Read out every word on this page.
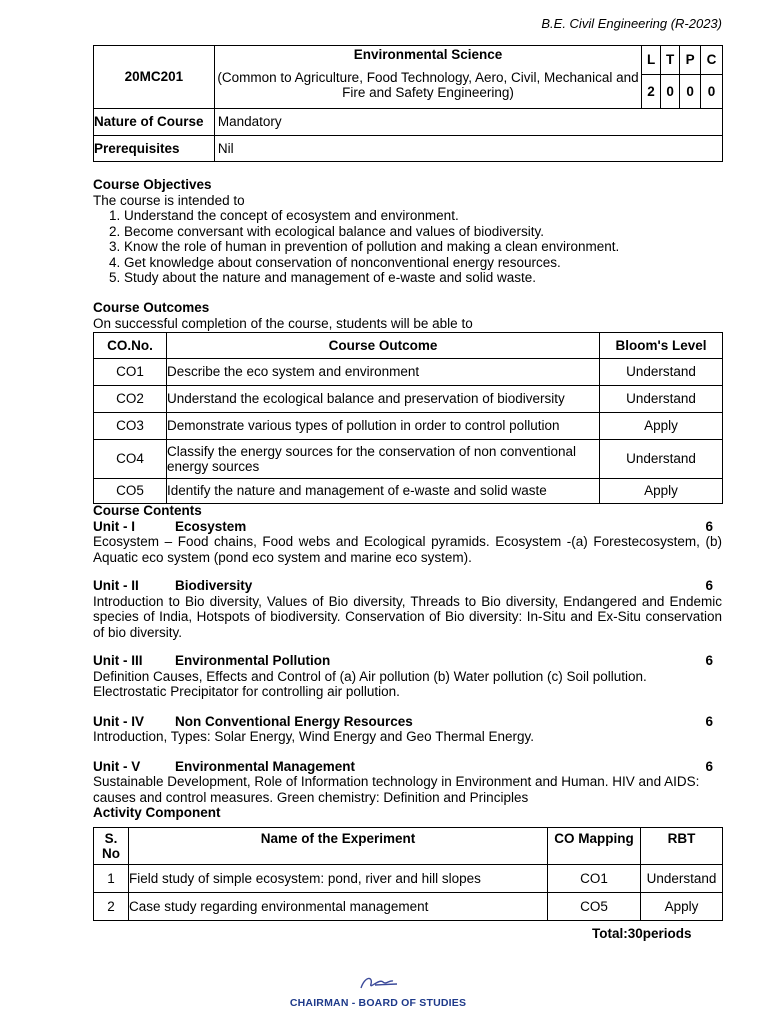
B.E. Civil Engineering (R-2023)
20MC201	
Environmental Science
(Common to Agriculture, Food Technology, Aero, Civil, Mechanical and Fire and Safety Engineering)

L	T	P	C
2	0	0	0

Nature of Course	Mandatory
Prerequisites	Nil
Course Objectives
The course is intended to
1. Understand the concept of ecosystem and environment.
2. Become conversant with ecological balance and values of biodiversity.
3. Know the role of human in prevention of pollution and making a clean environment.
4. Get knowledge about conservation of nonconventional energy resources.
5. Study about the nature and management of e-waste and solid waste.
Course Outcomes
On successful completion of the course, students will be able to
CO.No.	Course Outcome	Bloom's Level
CO1	Describe the eco system and environment	Understand
CO2	Understand the ecological balance and preservation of biodiversity	Understand
CO3	Demonstrate various types of pollution in order to control pollution	Apply
CO4	Classify the energy sources for the conservation of non conventional energy sources	Understand
CO5	Identify the nature and management of e-waste and solid waste	Apply
Course Contents
Unit - I	Ecosystem	6
Ecosystem – Food chains, Food webs and Ecological pyramids. Ecosystem -(a) Forestecosystem, (b) Aquatic eco system (pond eco system and marine eco system).
Unit - II	Biodiversity	6
Introduction to Bio diversity, Values of Bio diversity, Threads to Bio diversity, Endangered and Endemic species of India, Hotspots of biodiversity. Conservation of Bio diversity: In-Situ and Ex-Situ conservation of bio diversity.
Unit - III	Environmental Pollution	6
Definition Causes, Effects and Control of (a) Air pollution (b) Water pollution (c) Soil pollution. Electrostatic Precipitator for controlling air pollution.
Unit - IV	Non Conventional Energy Resources	6
Introduction, Types: Solar Energy, Wind Energy and Geo Thermal Energy.
Unit - V	Environmental Management	6
Sustainable Development, Role of Information technology in Environment and Human. HIV and AIDS: causes and control measures. Green chemistry: Definition and Principles
Activity Component
S. No	Name of the Experiment	CO Mapping	RBT
1	Field study of simple ecosystem: pond, river and hill slopes	CO1	Understand
2	Case study regarding environmental management	CO5	Apply
Total:30periods
CHAIRMAN - BOARD OF STUDIES
